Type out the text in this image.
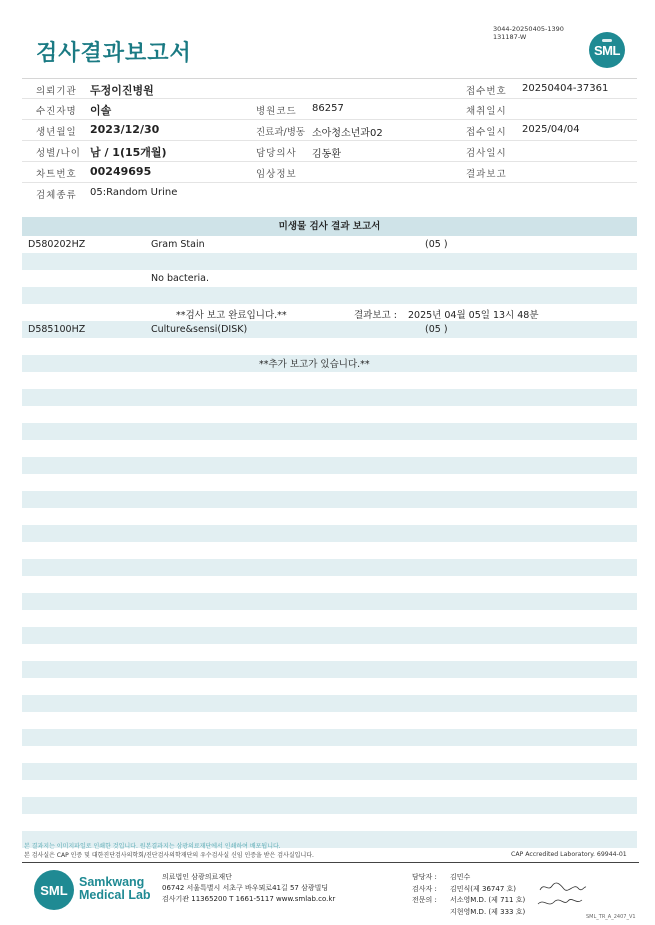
검사결과보고서
3044-20250405-1390
131187-W
SML
의뢰기관 두정이진병원	접수번호 20250404-37361
수진자명 이솔	병원코드 86257	채취일시
생년월일 2023/12/30	진료과/병동 소아청소년과02	접수일시 2025/04/04
성별/나이 남 / 1(15개월)	담당의사 김동환	검사일시
차트번호 00249695	임상정보	결과보고
검체종류 05:Random Urine
미생물 검사 결과 보고서
D580202HZ	Gram Stain	(05 )
No bacteria.
**검사 보고 완료입니다.**	결과보고 : 2025년 04월 05일 13시 48분
D585100HZ	Culture&sensi(DISK)	(05 )
**추가 보고가 있습니다.**
본 결과지는 이미지파일로 인쇄한 것입니다. 원본결과지는 삼광의료재단에서 인쇄하여 배포됩니다.
본 검사실은 CAP 인증 및 대한진단검사의학회/진단검사의학재단의 우수검사실 신임 인증을 받은 검사실입니다.	CAP Accredited Laboratory. 69944-01
SML
Samkwang
Medical Lab
의료법인 삼광의료재단
06742 서울특별시 서초구 바우뫼로41길 57 삼광빌딩
검사기관 11365200 T 1661-5117 www.smlab.co.kr
담당자 :	김민수
검사자 :	김민식(제 36747 호)
전문의 :	서소영M.D. (제 711 호)
지현영M.D. (제 333 호)
SML_TR_A_2407_V1
